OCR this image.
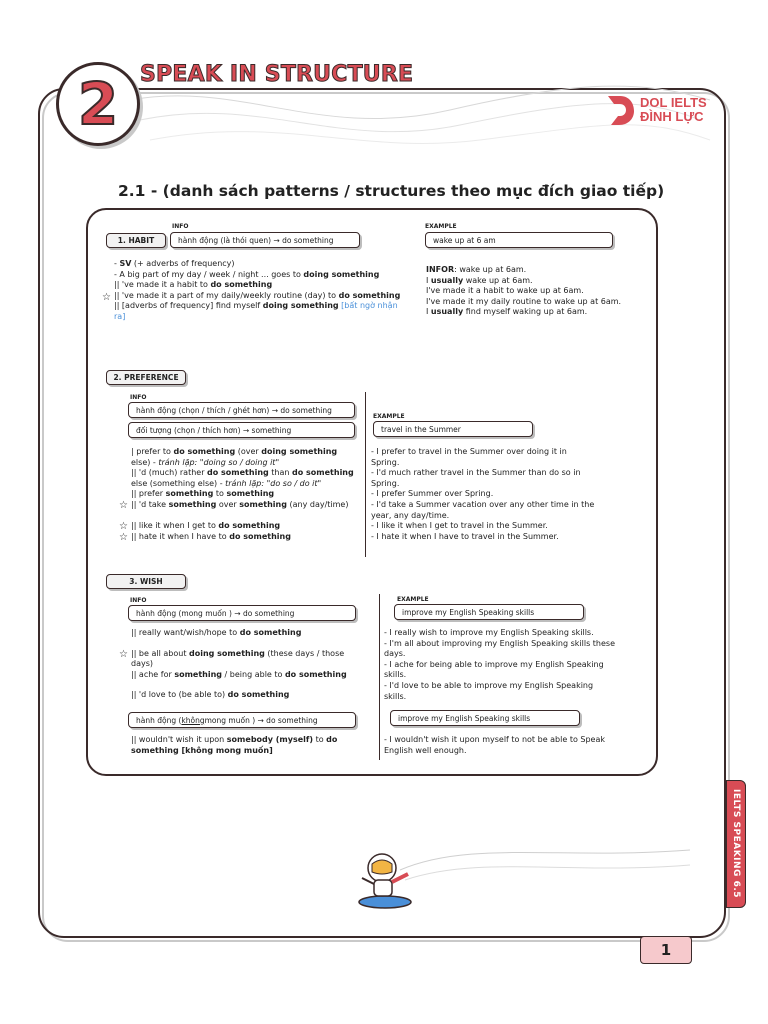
2 SPEAK IN STRUCTURE
DOL IELTS
ĐÌNH LỰC
2.1 - (danh sách patterns / structures theo mục đích giao tiếp)
INFO
1. HABIT	hành động (là thói quen) → do something
EXAMPLE
wake up at 6 am
- SV (+ adverbs of frequency)
- A big part of my day / week / night ... goes to doing something
|| 've made it a habit to do something
|| 've made it a part of my daily/weekly routine (day) to do something
|| [adverbs of frequency] find myself doing something [bất ngờ nhận
ra]
☆
INFOR: wake up at 6am.
I usually wake up at 6am.
I've made it a habit to wake up at 6am.
I've made it my daily routine to wake up at 6am.
I usually find myself waking up at 6am.
2. PREFERENCE
INFO
hành động (chọn / thích / ghét hơn) → do something
đối tượng (chọn / thích hơn) → something
EXAMPLE
travel in the Summer
| prefer to do something (over doing something
else) - tránh lặp: "doing so / doing it"
|| 'd (much) rather do something than do something
else (something else) - tránh lặp: "do so / do it"
|| prefer something to something
|| 'd take something over something (any day/time)

|| like it when I get to do something
|| hate it when I have to do something
☆
☆
☆
- I prefer to travel in the Summer over doing it in Spring.
- I'd much rather travel in the Summer than do so in Spring.
- I prefer Summer over Spring.
- I'd take a Summer vacation over any other time in the year, any day/time.
- I like it when I get to travel in the Summer.
- I hate it when I have to travel in the Summer.
3. WISH
INFO
hành động (mong muốn ) → do something
EXAMPLE
improve my English Speaking skills
|| really want/wish/hope to do something
|| be all about doing something (these days / those
days)
|| ache for something / being able to do something
|| 'd love to (be able to) do something
☆
- I really wish to improve my English Speaking skills.
- I'm all about improving my English Speaking skills these days.
- I ache for being able to improve my English Speaking skills.
- I'd love to be able to improve my English Speaking skills.
hành động ( không mong muốn ) → do something	improve my English Speaking skills
|| wouldn't wish it upon somebody (myself) to do
something [không mong muốn]
- I wouldn't wish it upon myself to not be able to Speak English well enough.
IELTS SPEAKING 6.5
1
